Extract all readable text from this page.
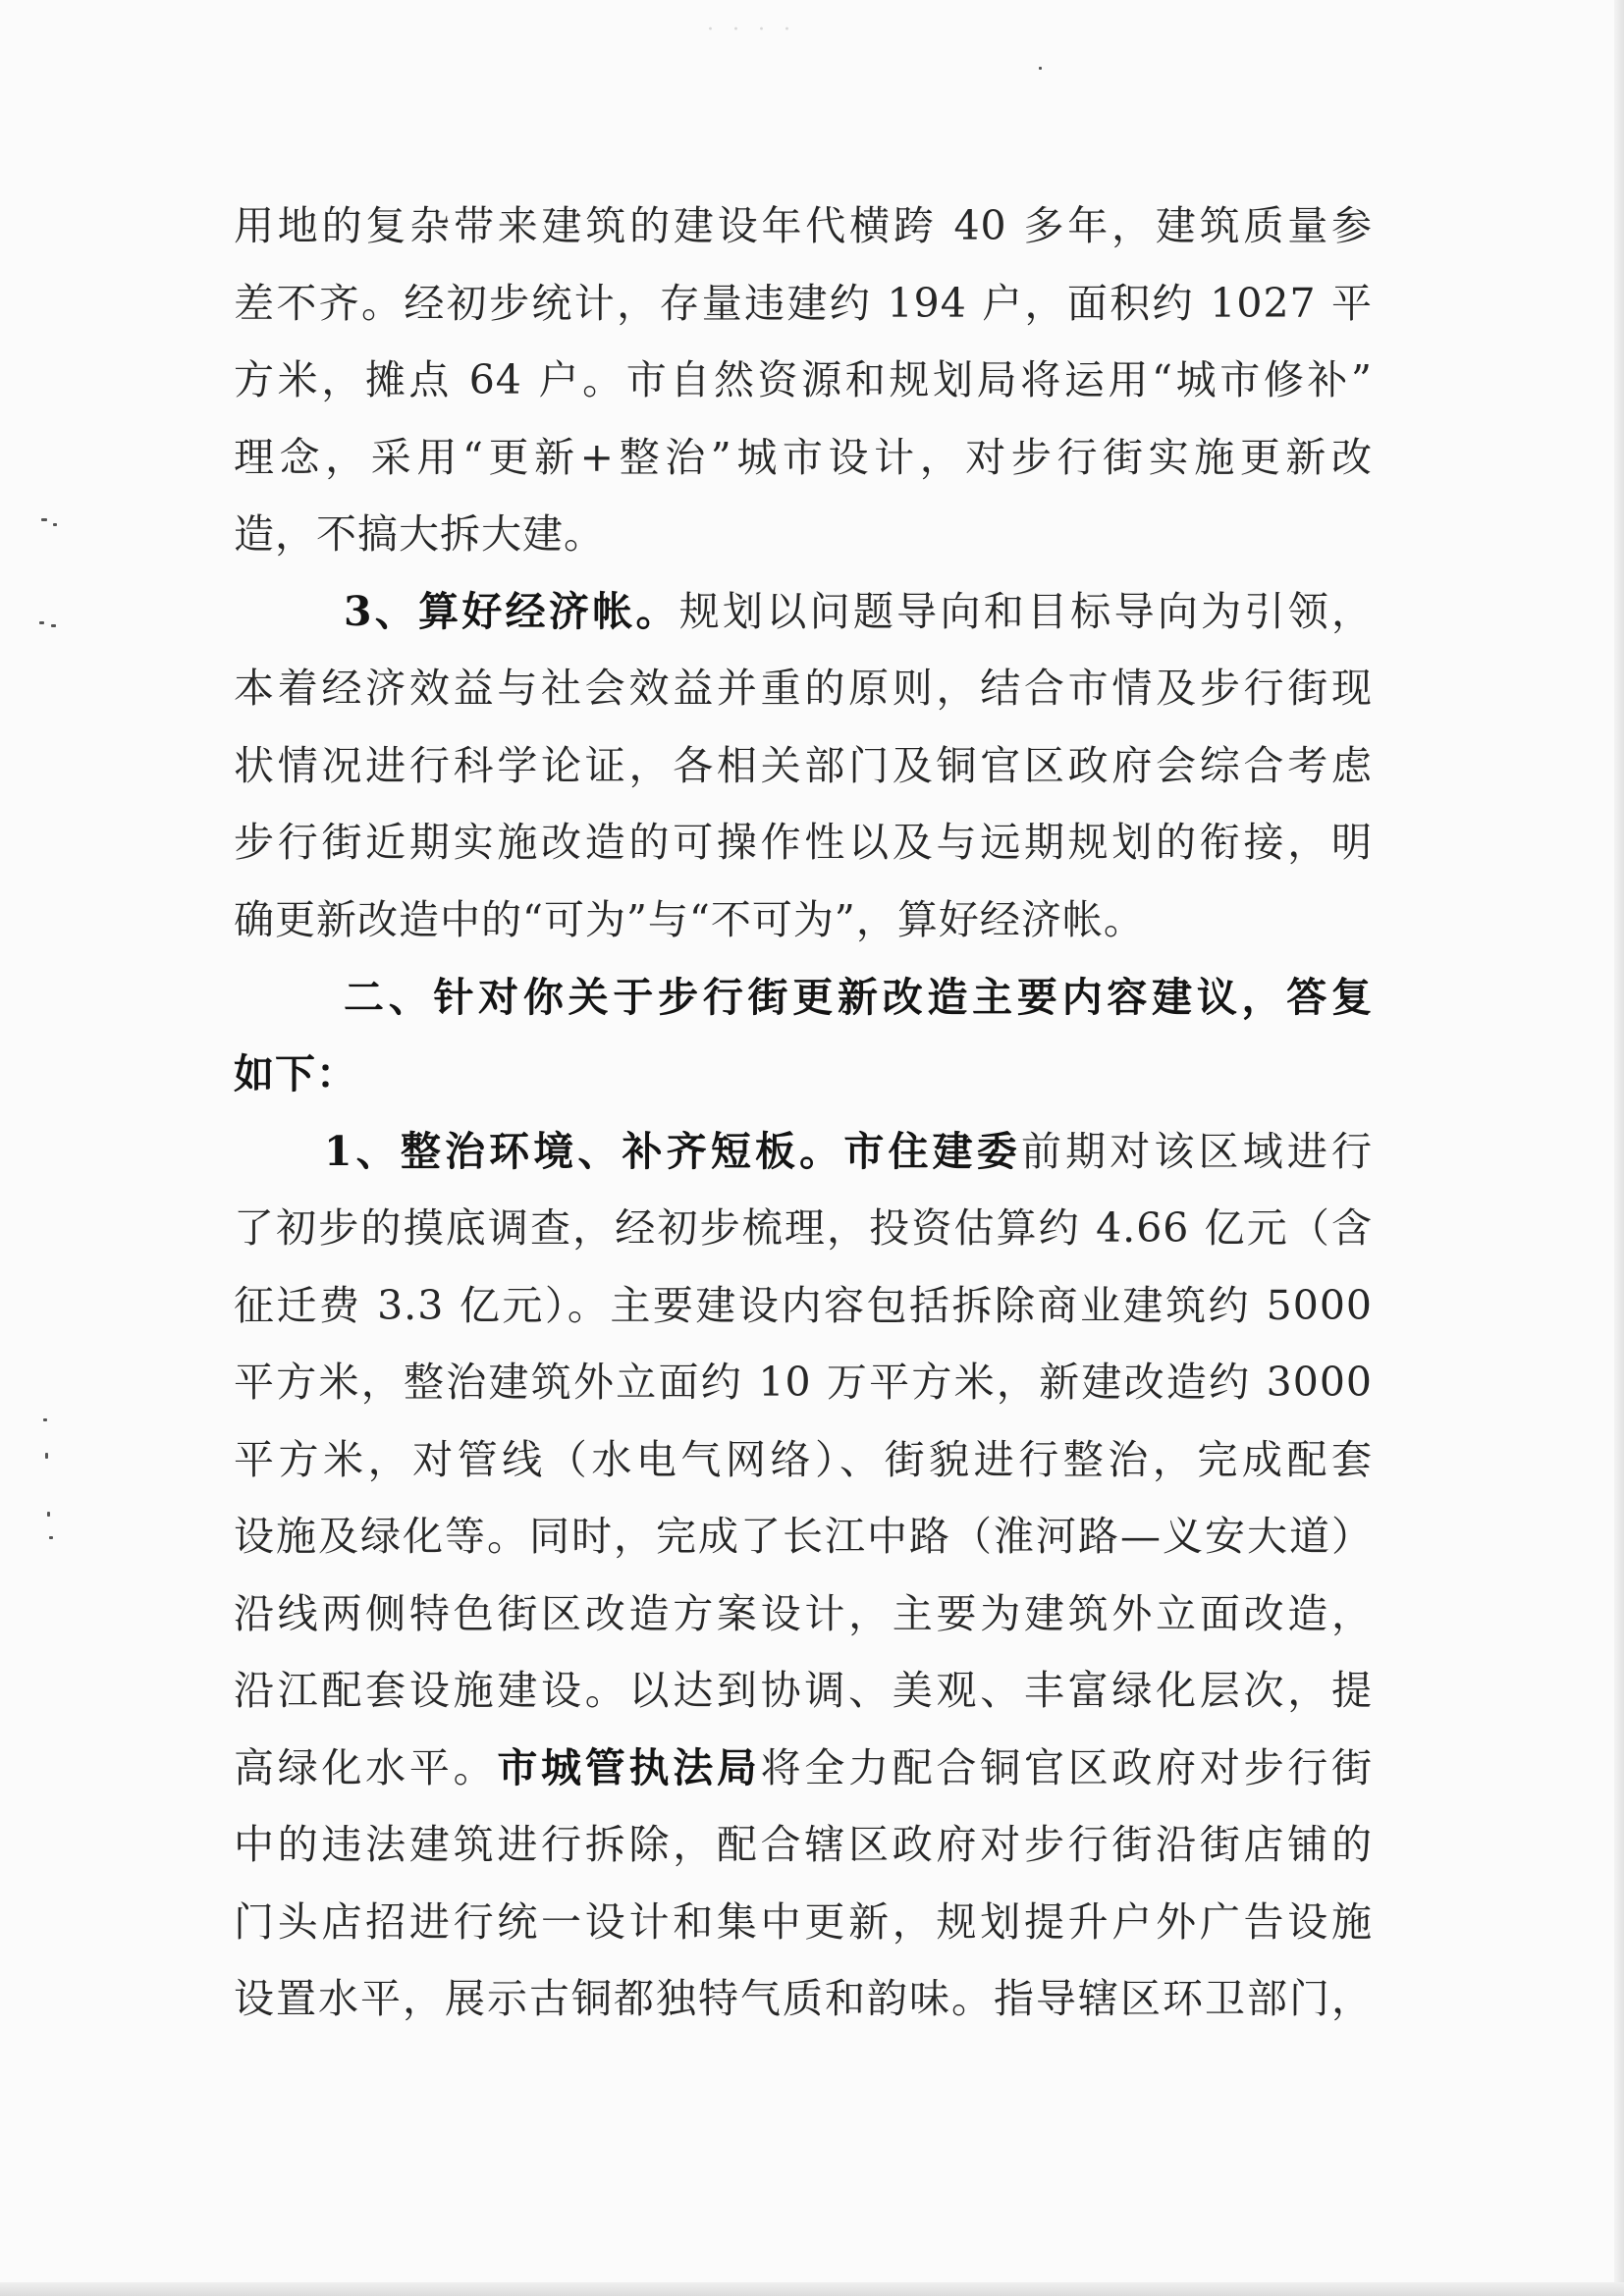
· · · ·
用地的复杂带来建筑的建设年代横跨 40 多年，建筑质量参
差不齐。经初步统计，存量违建约 194 户，面积约 1027 平
方米，摊点 64 户。市自然资源和规划局将运用“城市修补”
理念，采用“更新+整治”城市设计，对步行街实施更新改
造，不搞大拆大建。
3、算好经济帐。规划以问题导向和目标导向为引领，
本着经济效益与社会效益并重的原则，结合市情及步行街现
状情况进行科学论证，各相关部门及铜官区政府会综合考虑
步行街近期实施改造的可操作性以及与远期规划的衔接，明
确更新改造中的“可为”与“不可为”，算好经济帐。
二、针对你关于步行街更新改造主要内容建议，答复
如下：
1、整治环境、补齐短板。市住建委前期对该区域进行
了初步的摸底调查，经初步梳理，投资估算约 4.66 亿元（含
征迁费 3.3 亿元）。主要建设内容包括拆除商业建筑约 5000
平方米，整治建筑外立面约 10 万平方米，新建改造约 3000
平方米，对管线（水电气网络）、街貌进行整治，完成配套
设施及绿化等。同时，完成了长江中路（淮河路—义安大道）
沿线两侧特色街区改造方案设计，主要为建筑外立面改造，
沿江配套设施建设。以达到协调、美观、丰富绿化层次，提
高绿化水平。市城管执法局将全力配合铜官区政府对步行街
中的违法建筑进行拆除，配合辖区政府对步行街沿街店铺的
门头店招进行统一设计和集中更新，规划提升户外广告设施
设置水平，展示古铜都独特气质和韵味。指导辖区环卫部门，
